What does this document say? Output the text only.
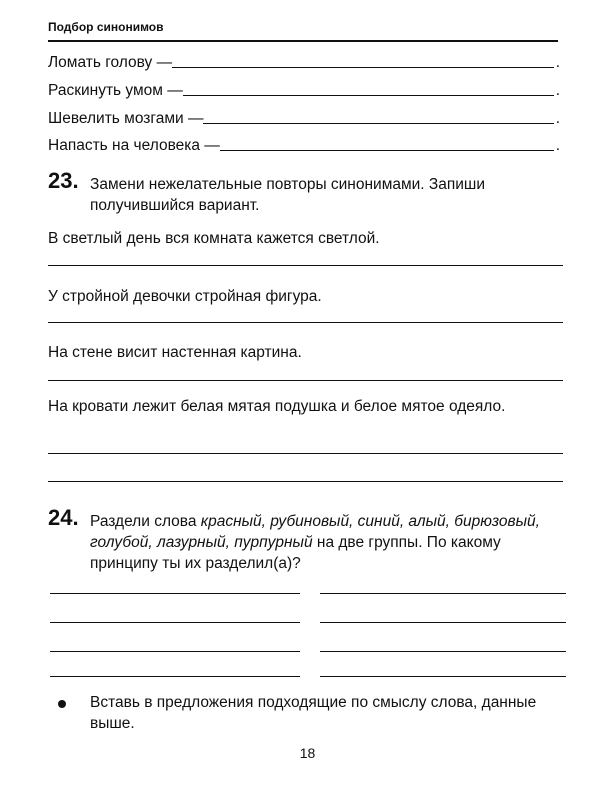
Подбор синонимов
Ломать голову —	.
Раскинуть умом —	.
Шевелить мозгами —	.
Напасть на человека —	.
23. Замени нежелательные повторы синонимами. Запиши получившийся вариант.
В светлый день вся комната кажется светлой.
У стройной девочки стройная фигура.
На стене висит настенная картина.
На кровати лежит белая мятая подушка и белое мятое одеяло.
24. Раздели слова красный, рубиновый, синий, алый, бирюзовый, голубой, лазурный, пурпурный на две группы. По какому принципу ты их разделил(а)?
Вставь в предложения подходящие по смыслу слова, данные выше.
18
